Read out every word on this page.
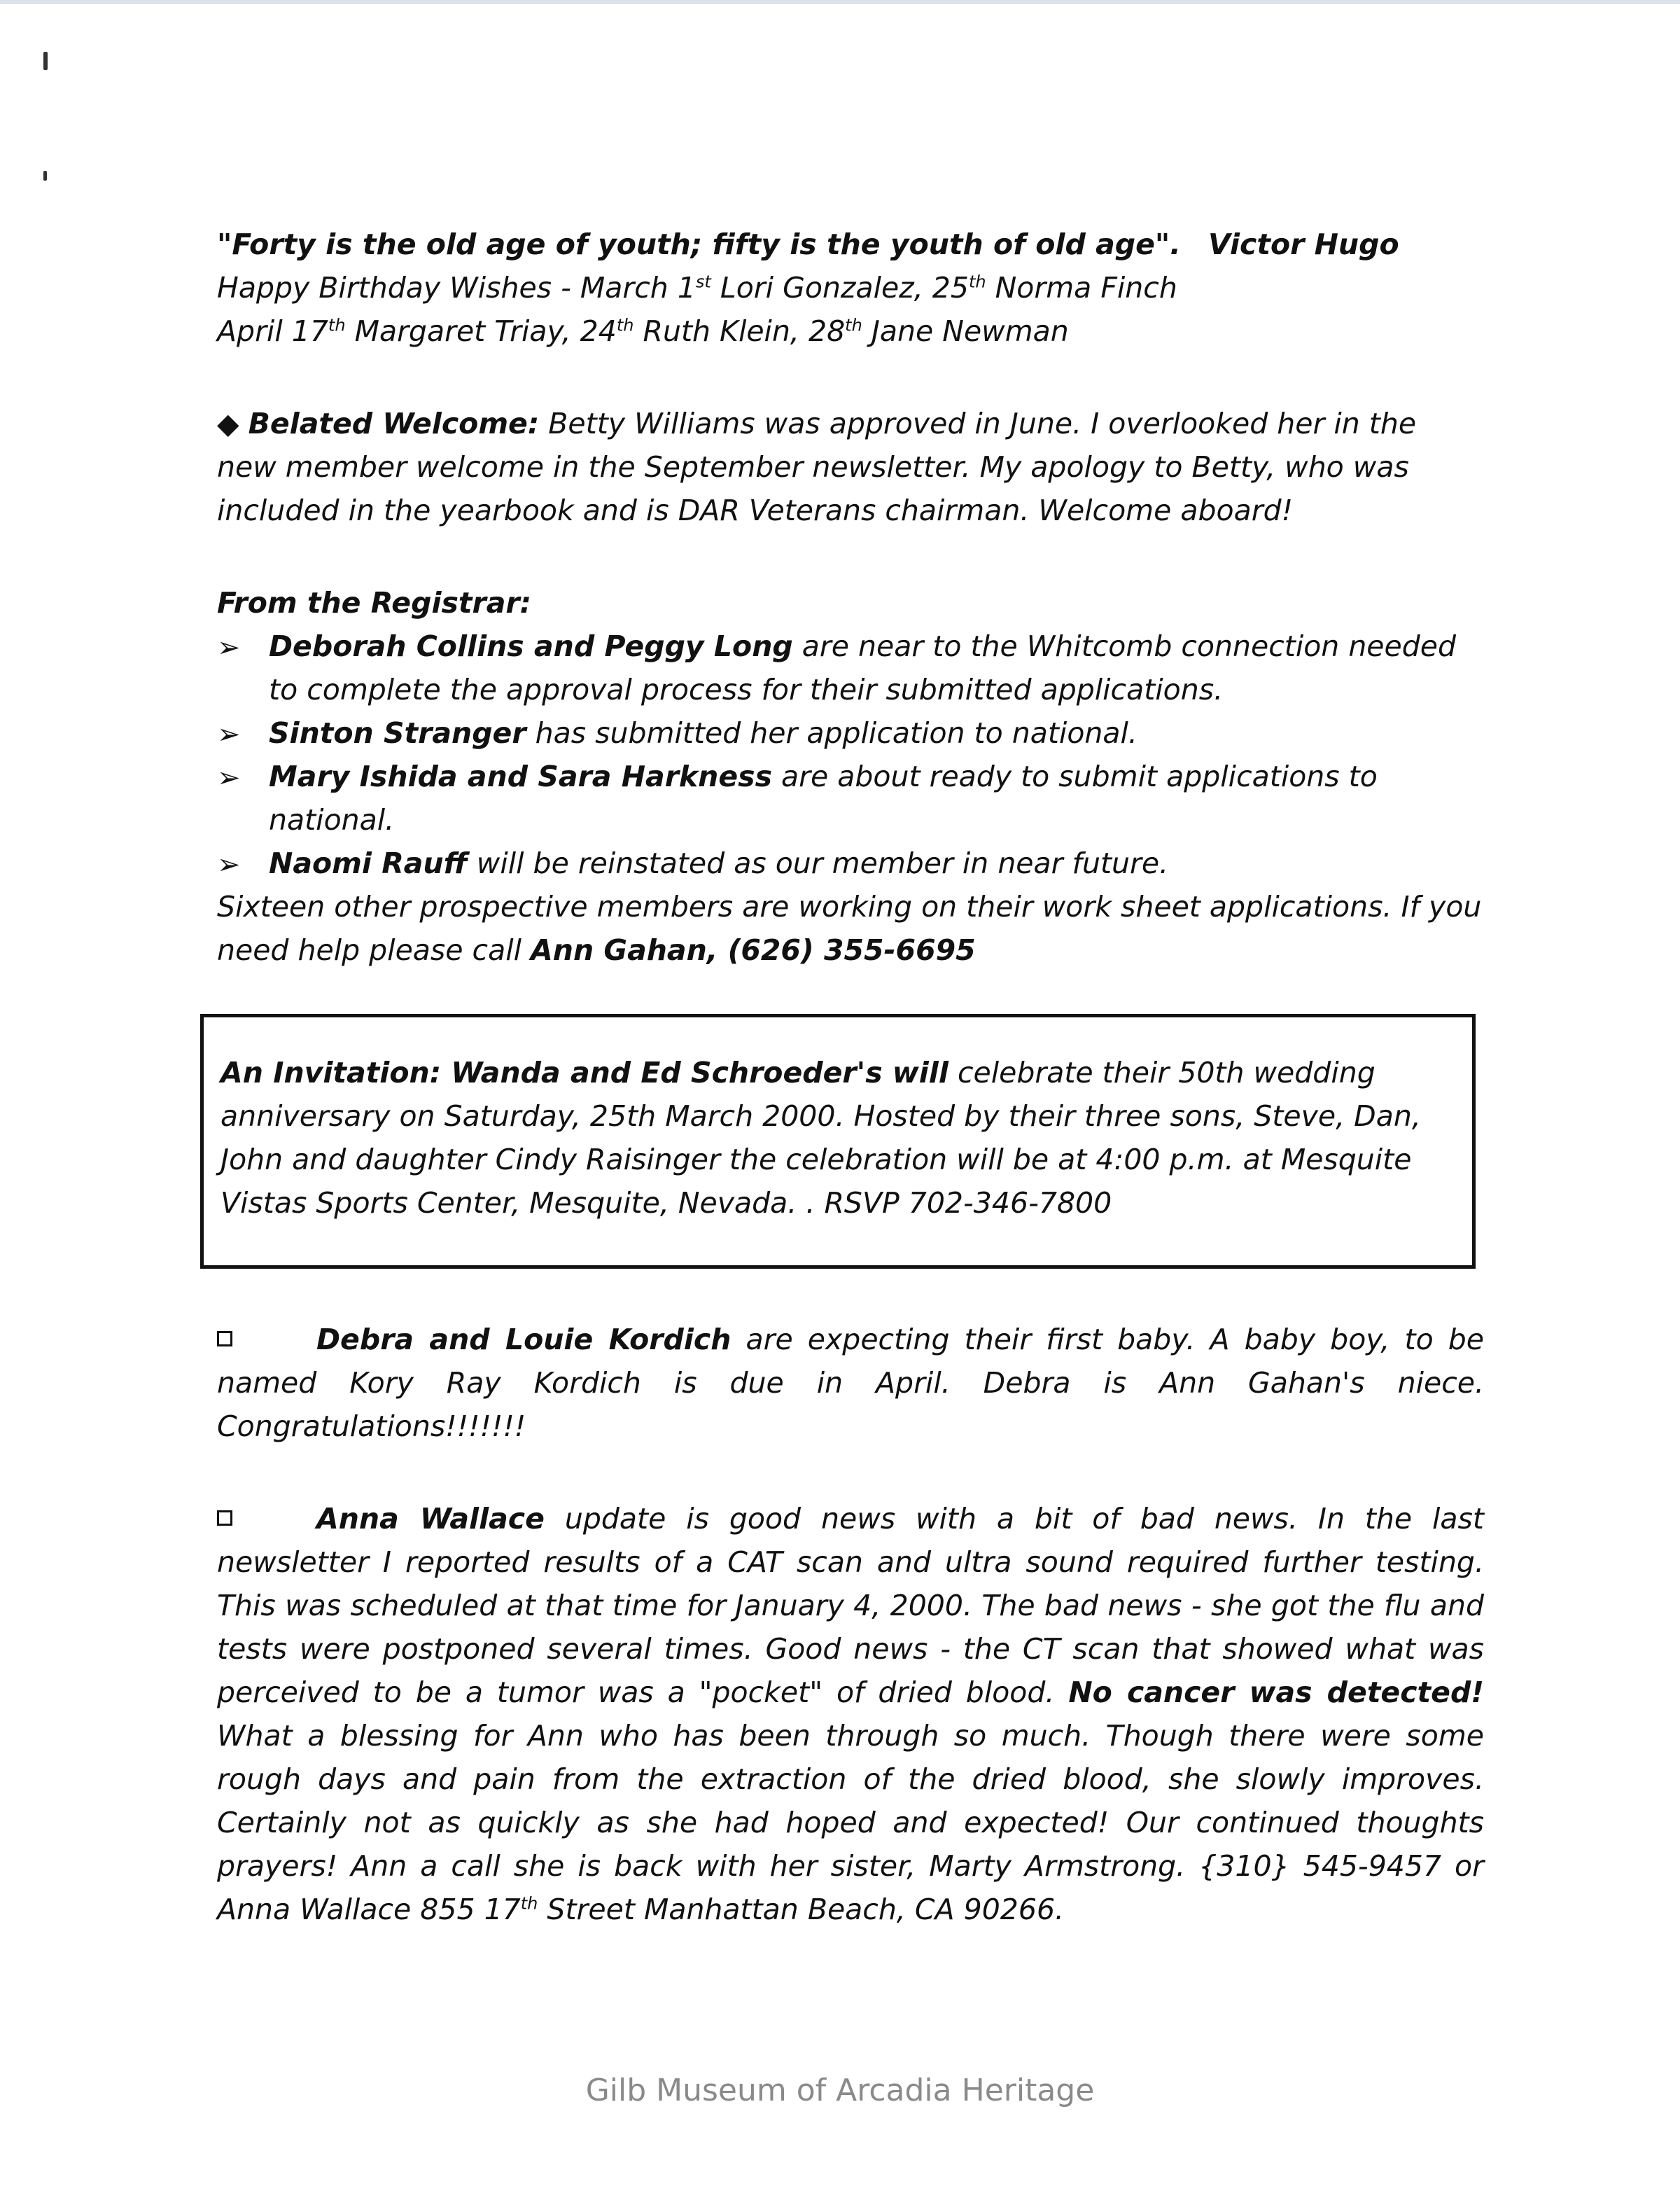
"Forty is the old age of youth; fifty is the youth of old age". Victor Hugo

Happy Birthday Wishes - March 1st Lori Gonzalez, 25th Norma Finch

April 17th Margaret Triay, 24th Ruth Klein, 28th Jane Newman

◆ Belated Welcome: Betty Williams was approved in June. I overlooked her in the new member welcome in the September newsletter. My apology to Betty, who was included in the yearbook and is DAR Veterans chairman. Welcome aboard!

From the Registrar:

➢ Deborah Collins and Peggy Long are near to the Whitcomb connection needed to complete the approval process for their submitted applications.
➢ Sinton Stranger has submitted her application to national.
➢ Mary Ishida and Sara Harkness are about ready to submit applications to national.
➢ Naomi Rauff will be reinstated as our member in near future.

Sixteen other prospective members are working on their work sheet applications. If you need help please call Ann Gahan, (626) 355-6695

An Invitation: Wanda and Ed Schroeder's will celebrate their 50th wedding anniversary on Saturday, 25th March 2000. Hosted by their three sons, Steve, Dan, John and daughter Cindy Raisinger the celebration will be at 4:00 p.m. at Mesquite Vistas Sports Center, Mesquite, Nevada. . RSVP 702-346-7800

Debra and Louie Kordich are expecting their first baby. A baby boy, to be named Kory Ray Kordich is due in April. Debra is Ann Gahan's niece. Congratulations!!!!!!!

Anna Wallace update is good news with a bit of bad news. In the last newsletter I reported results of a CAT scan and ultra sound required further testing. This was scheduled at that time for January 4, 2000. The bad news - she got the flu and tests were postponed several times. Good news - the CT scan that showed what was perceived to be a tumor was a "pocket" of dried blood. No cancer was detected! What a blessing for Ann who has been through so much. Though there were some rough days and pain from the extraction of the dried blood, she slowly improves. Certainly not as quickly as she had hoped and expected! Our continued thoughts prayers! Ann a call she is back with her sister, Marty Armstrong. {310} 545-9457 or Anna Wallace 855 17th Street Manhattan Beach, CA 90266.

Gilb Museum of Arcadia Heritage
